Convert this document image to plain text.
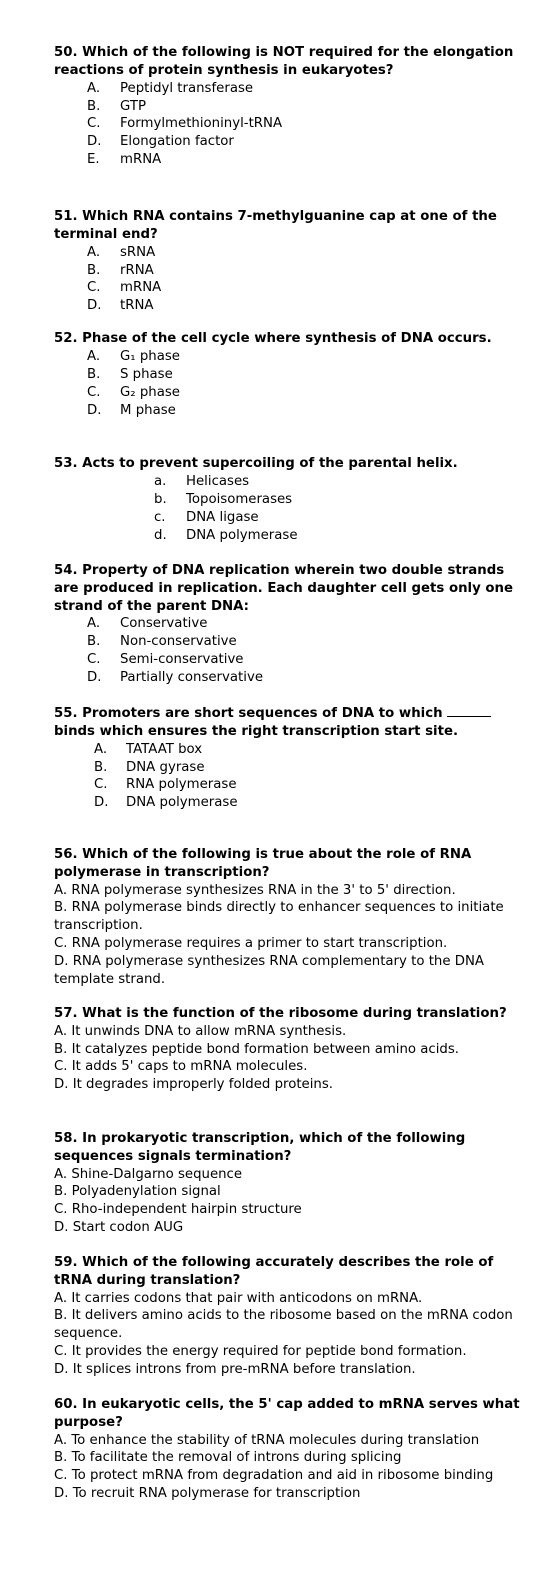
50. Which of the following is NOT required for the elongation reactions of protein synthesis in eukaryotes?

A.	Peptidyl transferase
B.	GTP
C.	Formylmethioninyl-tRNA
D.	Elongation factor
E.	mRNA

51. Which RNA contains 7-methylguanine cap at one of the terminal end?

A.	sRNA
B.	rRNA
C.	mRNA
D.	tRNA

52. Phase of the cell cycle where synthesis of DNA occurs.

A.	G₁ phase
B.	S phase
C.	G₂ phase
D.	M phase

53. Acts to prevent supercoiling of the parental helix.

a.	Helicases
b.	Topoisomerases
c.	DNA ligase
d.	DNA polymerase

54. Property of DNA replication wherein two double strands are produced in replication. Each daughter cell gets only one strand of the parent DNA:

A.	Conservative
B.	Non-conservative
C.	Semi-conservative
D.	Partially conservative

55. Promoters are short sequences of DNA to which  binds which ensures the right transcription start site.

A.	TATAAT box
B.	DNA gyrase
C.	RNA polymerase
D.	DNA polymerase

56. Which of the following is true about the role of RNA polymerase in transcription?

A. RNA polymerase synthesizes RNA in the 3' to 5' direction.
B. RNA polymerase binds directly to enhancer sequences to initiate transcription.
C. RNA polymerase requires a primer to start transcription.
D. RNA polymerase synthesizes RNA complementary to the DNA template strand.

57. What is the function of the ribosome during translation?

A. It unwinds DNA to allow mRNA synthesis.
B. It catalyzes peptide bond formation between amino acids.
C. It adds 5' caps to mRNA molecules.
D. It degrades improperly folded proteins.

58. In prokaryotic transcription, which of the following sequences signals termination?

A. Shine-Dalgarno sequence
B. Polyadenylation signal
C. Rho-independent hairpin structure
D. Start codon AUG

59. Which of the following accurately describes the role of tRNA during translation?

A. It carries codons that pair with anticodons on mRNA.
B. It delivers amino acids to the ribosome based on the mRNA codon sequence.
C. It provides the energy required for peptide bond formation.
D. It splices introns from pre-mRNA before translation.

60. In eukaryotic cells, the 5' cap added to mRNA serves what purpose?

A. To enhance the stability of tRNA molecules during translation
B. To facilitate the removal of introns during splicing
C. To protect mRNA from degradation and aid in ribosome binding
D. To recruit RNA polymerase for transcription
